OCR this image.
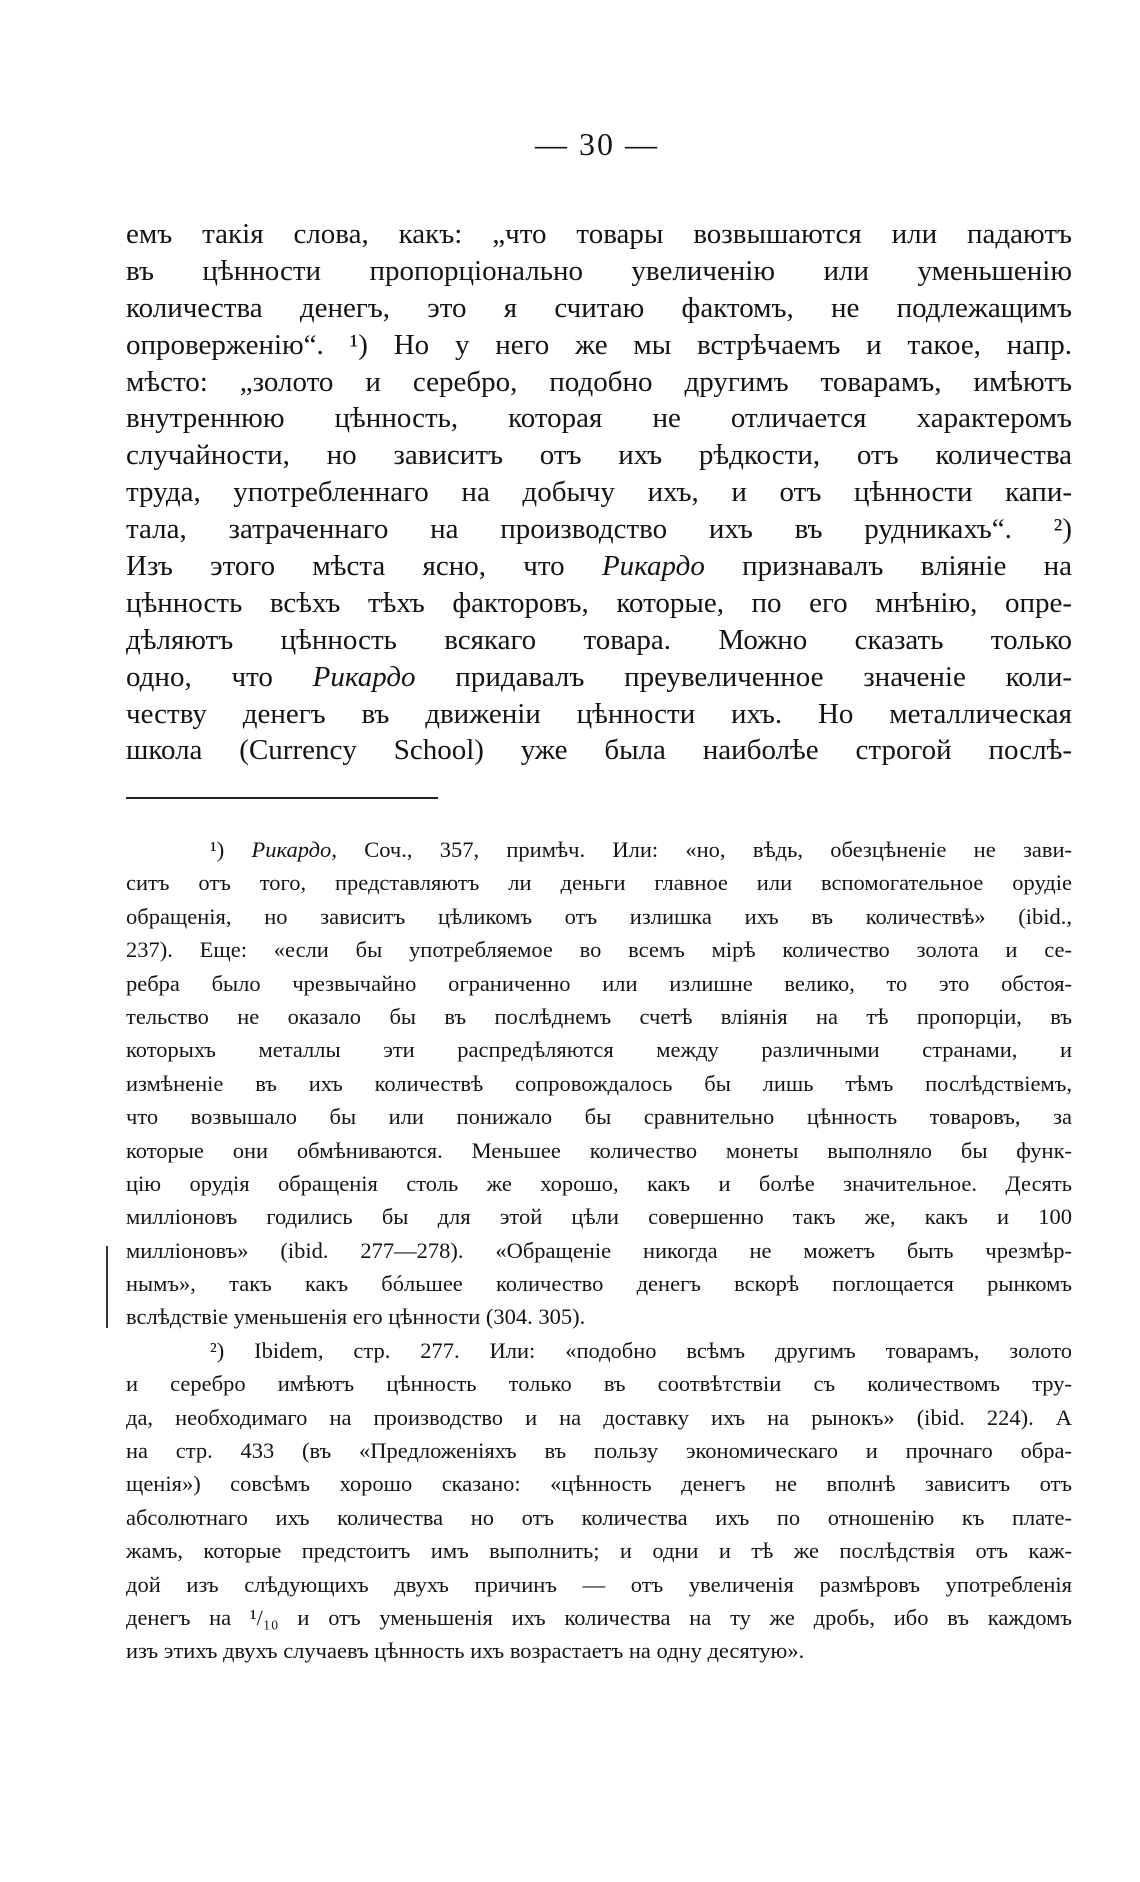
— 30 —
емъ такія слова, какъ: „что товары возвышаются или падаютъ
въ цѣнности пропорціонально увеличенію или уменьшенію
количества денегъ, это я считаю фактомъ, не подлежащимъ
опроверженію“. ¹) Но у него же мы встрѣчаемъ и такое, напр.
мѣсто: „золото и серебро, подобно другимъ товарамъ, имѣютъ
внутреннюю цѣнность, которая не отличается характеромъ
случайности, но зависитъ отъ ихъ рѣдкости, отъ количества
труда, употребленнаго на добычу ихъ, и отъ цѣнности капи-
тала, затраченнаго на производство ихъ въ рудникахъ“. ²)
Изъ этого мѣста ясно, что Рикардо признавалъ вліяніе на
цѣнность всѣхъ тѣхъ факторовъ, которые, по его мнѣнію, опре-
дѣляютъ цѣнность всякаго товара. Можно сказать только
одно, что Рикардо придавалъ преувеличенное значеніе коли-
честву денегъ въ движеніи цѣнности ихъ. Но металлическая
школа (Currency School) уже была наиболѣе строгой послѣ-
¹) Рикардо, Соч., 357, примѣч. Или: «но, вѣдь, обезцѣненіе не зави-
ситъ отъ того, представляютъ ли деньги главное или вспомогательное орудіе
обращенія, но зависитъ цѣликомъ отъ излишка ихъ въ количествѣ» (ibid.,
237). Еще: «если бы употребляемое во всемъ мірѣ количество золота и се-
ребра было чрезвычайно ограниченно или излишне велико, то это обстоя-
тельство не оказало бы въ послѣднемъ счетѣ вліянія на тѣ пропорціи, въ
которыхъ металлы эти распредѣляются между различными странами, и
измѣненіе въ ихъ количествѣ сопровождалось бы лишь тѣмъ послѣдствіемъ,
что возвышало бы или понижало бы сравнительно цѣнность товаровъ, за
которые они обмѣниваются. Меньшее количество монеты выполняло бы функ-
цію орудія обращенія столь же хорошо, какъ и болѣе значительное. Десять
милліоновъ годились бы для этой цѣли совершенно такъ же, какъ и 100
милліоновъ» (ibid. 277—278). «Обращеніе никогда не можетъ быть чрезмѣр-
нымъ», такъ какъ бóльшее количество денегъ вскорѣ поглощается рынкомъ
вслѣдствіе уменьшенія его цѣнности (304. 305).
²) Ibidem, стр. 277. Или: «подобно всѣмъ другимъ товарамъ, золото
и серебро имѣютъ цѣнность только въ соотвѣтствіи съ количествомъ тру-
да, необходимаго на производство и на доставку ихъ на рынокъ» (ibid. 224). А
на стр. 433 (въ «Предложеніяхъ въ пользу экономическаго и прочнаго обра-
щенія») совсѣмъ хорошо сказано: «цѣнность денегъ не вполнѣ зависитъ отъ
абсолютнаго ихъ количества но отъ количества ихъ по отношенію къ плате-
жамъ, которые предстоитъ имъ выполнить; и одни и тѣ же послѣдствія отъ каж-
дой изъ слѣдующихъ двухъ причинъ — отъ увеличенія размѣровъ употребленія
денегъ на ¹/₁₀ и отъ уменьшенія ихъ количества на ту же дробь, ибо въ каждомъ
изъ этихъ двухъ случаевъ цѣнность ихъ возрастаетъ на одну десятую».
